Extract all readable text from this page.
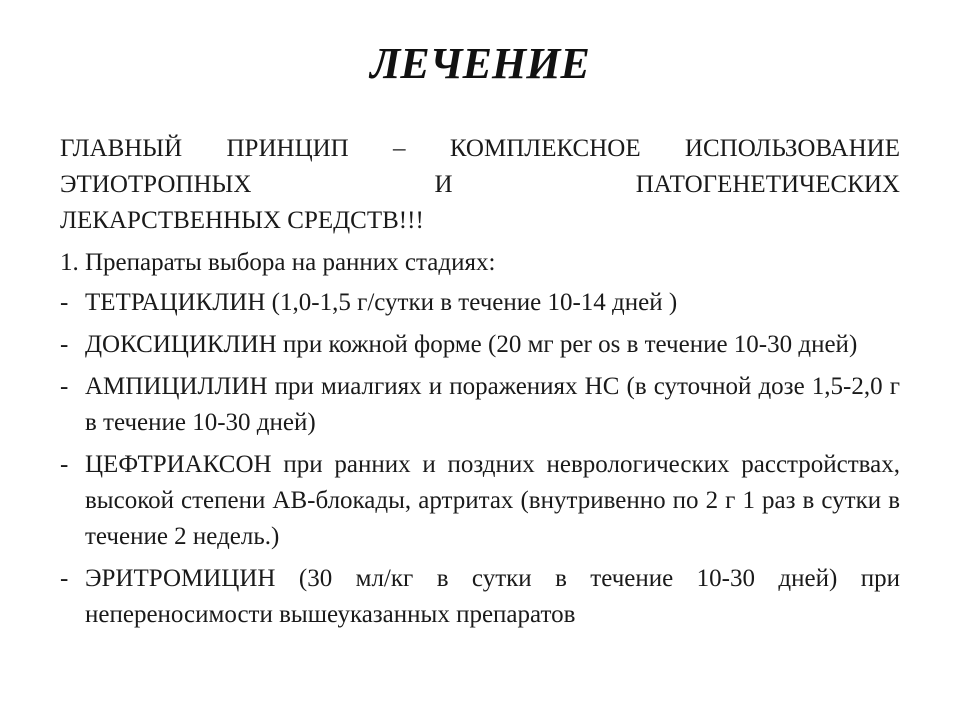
ЛЕЧЕНИЕ
ГЛАВНЫЙ ПРИНЦИП – КОМПЛЕКСНОЕ ИСПОЛЬЗОВАНИЕ
ЭТИОТРОПНЫХ И ПАТОГЕНЕТИЧЕСКИХ
ЛЕКАРСТВЕННЫХ СРЕДСТВ!!!
1. Препараты выбора на ранних стадиях:
- ТЕТРАЦИКЛИН (1,0-1,5 г/сутки в течение 10-14 дней )
- ДОКСИЦИКЛИН при кожной форме (20 мг per os в течение 10-30 дней)
- АМПИЦИЛЛИН при миалгиях и поражениях НС (в суточной дозе 1,5-2,0 г в течение 10-30 дней)
- ЦЕФТРИАКСОН при ранних и поздних неврологических расстройствах, высокой степени АВ-блокады, артритах (внутривенно по 2 г 1 раз в сутки в течение 2 недель.)
- ЭРИТРОМИЦИН (30 мл/кг в сутки в течение 10-30 дней) при непереносимости вышеуказанных препаратов
